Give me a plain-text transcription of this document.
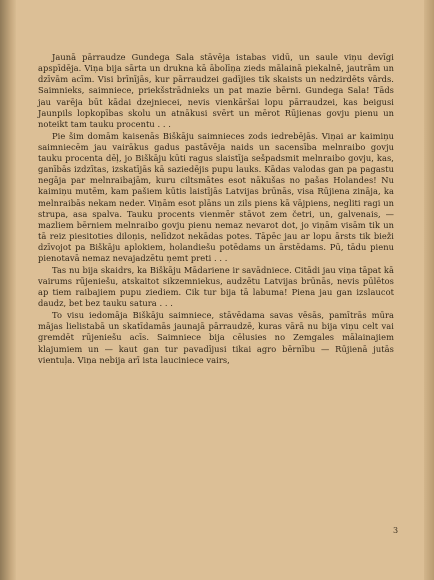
Jaunā pārraudze Gundega Sala stāvēja istabas vidū, un saule viņu devīgi apspīdēja. Viņa bija sārta un drukna kā ābolīņa zieds mālainā piekalnē, jautrām un dzīvām acīm. Visi brīnījās, kur pārraudzei gadījies tik skaists un nedzirdēts vārds. Saimnieks, saimniece, priekšstrādnieks un pat mazie bērni. Gundega Sala! Tāds jau varēja būt kādai dzejniecei, nevis vienkāršai lopu pārraudzei, kas beigusi Jaunpils lopkopības skolu un atnākusi svērt un mērot Rūjienas govju pienu un noteikt tam tauku procentu . . .

Pie šim domām kaisenās Biškāju saimnieces zods iedrebējās. Viņai ar kaimiņu saimniecēm jau vairākus gadus pastāvēja naids un sacensība melnraibo govju tauku procenta dēļ, jo Biškāju kūti ragus slaistīja sešpadsmit melnraibo govju, kas, ganībās izdzītas, izskatījās kā saziedējis pupu lauks. Kādas valodas gan pa pagastu negāja par melnraibajām, kuru ciltsmātes esot nākušas no pašas Holandes! Nu kaimiņu mutēm, kam pašiem kūtis laistījās Latvijas brūnās, visa Rūjiena zināja, ka melnraibās nekam neder. Viņām esot plāns un zils piens kā vājpiens, negliti ragi un strupa, asa spalva. Tauku procents vienmēr stāvot zem četri, un, galvenais, — mazliem bērniem melnraibo govju pienu nemaz nevarot dot, jo viņām visām tik un tā reiz piesitoties diloņis, nelīdzot nekādas potes. Tāpēc jau ar lopu ārsts tik bieži dzīvojot pa Biškāju aplokiem, holandiešu potēdams un ārstēdams. Pū, tādu pienu pienotavā nemaz nevajadzētu ņemt preti . . .

Tas nu bija skaidrs, ka Biškāju Mādariene ir savādniece. Citādi jau viņa tāpat kā vairums rūjeniešu, atskaitot sikzemniekus, audzētu Latvijas brūnās, nevis pūlētos ap tiem raibajiem pupu ziediem. Cik tur bija tā labuma! Piena jau gan izslaucot daudz, bet bez tauku satura . . .

To visu iedomāja Biškāju saimniece, stāvēdama savas vēsās, pamītrās mūra mājas lielistabā un skatīdamās jaunajā pārraudzē, kuras vārā nu bija viņu celt vai gremdēt rūjeniešu acīs. Saimniece bija cēlusies no Zemgales mālainajiem klajumiem un — kaut gan tur pavadījusi tikai agro bērnību — Rūjienā jutās vientuļa. Viņa nebija arī ista lauciniece vairs,

3
